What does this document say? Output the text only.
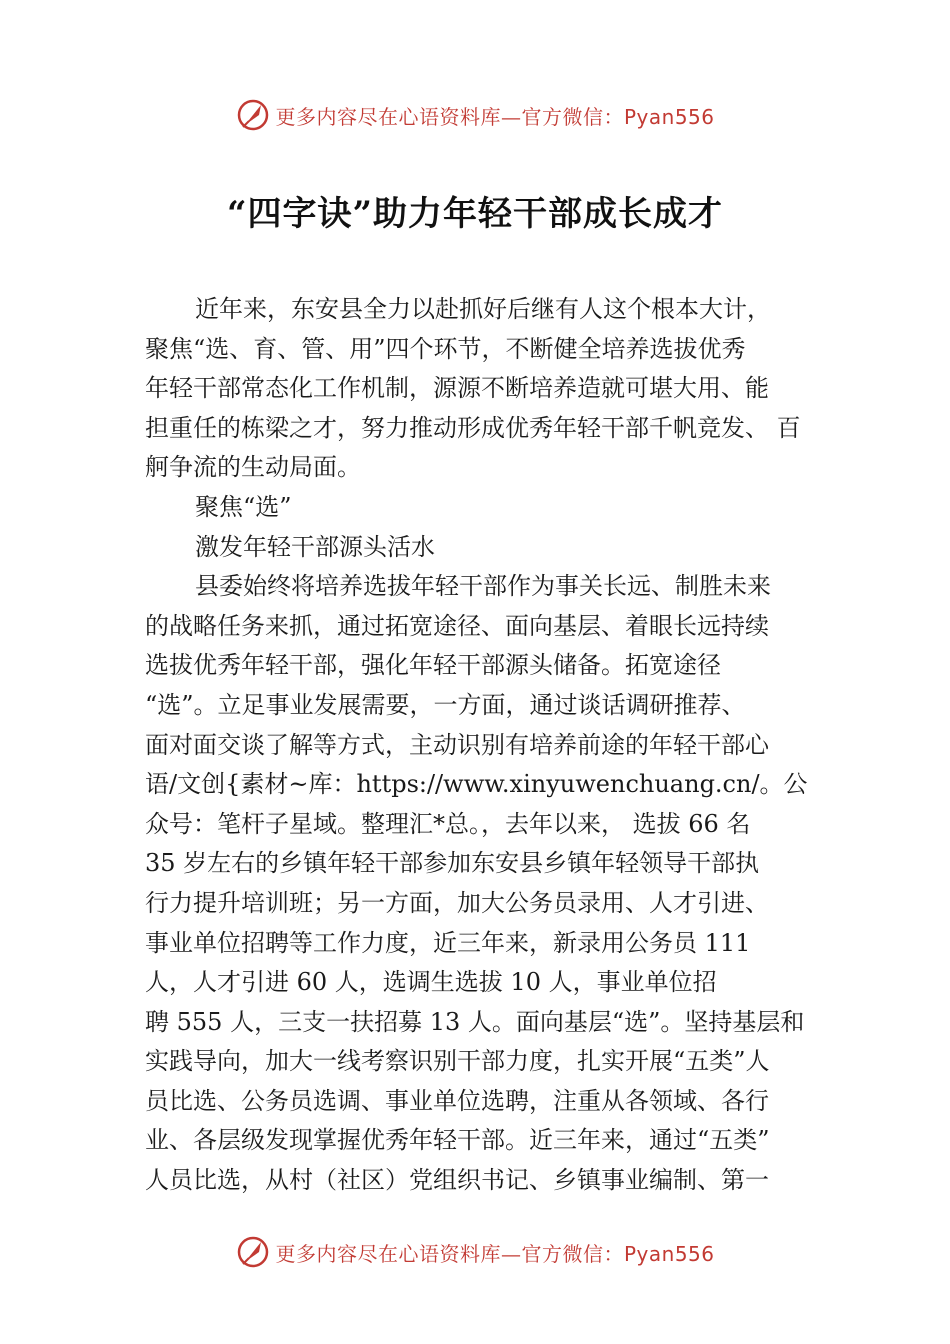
更多内容尽在心语资料库—官方微信：Pyan556
“四字诀”助力年轻干部成长成才
近年来，东安县全力以赴抓好后继有人这个根本大计，
聚焦“选、育、管、用”四个环节，不断健全培养选拔优秀
年轻干部常态化工作机制，源源不断培养造就可堪大用、能
担重任的栋梁之才，努力推动形成优秀年轻干部千帆竞发、 百
舸争流的生动局面。
聚焦“选”
激发年轻干部源头活水
县委始终将培养选拔年轻干部作为事关长远、制胜未来
的战略任务来抓，通过拓宽途径、面向基层、着眼长远持续
选拔优秀年轻干部，强化年轻干部源头储备。拓宽途径
“选”。立足事业发展需要，一方面，通过谈话调研推荐、
面对面交谈了解等方式，主动识别有培养前途的年轻干部心
语/文创{素材~库：https://www.xinyuwenchuang.cn/。公
众号：笔杆子星域。整理汇*总。，去年以来， 选拔 66 名
35 岁左右的乡镇年轻干部参加东安县乡镇年轻领导干部执
行力提升培训班；另一方面，加大公务员录用、人才引进、
事业单位招聘等工作力度，近三年来，新录用公务员 111
人，人才引进 60 人，选调生选拔 10 人，事业单位招
聘 555 人，三支一扶招募 13 人。面向基层“选”。坚持基层和
实践导向，加大一线考察识别干部力度，扎实开展“五类”人
员比选、公务员选调、事业单位选聘，注重从各领域、各行
业、各层级发现掌握优秀年轻干部。近三年来，通过“五类”
人员比选，从村（社区）党组织书记、乡镇事业编制、第一
更多内容尽在心语资料库—官方微信：Pyan556
